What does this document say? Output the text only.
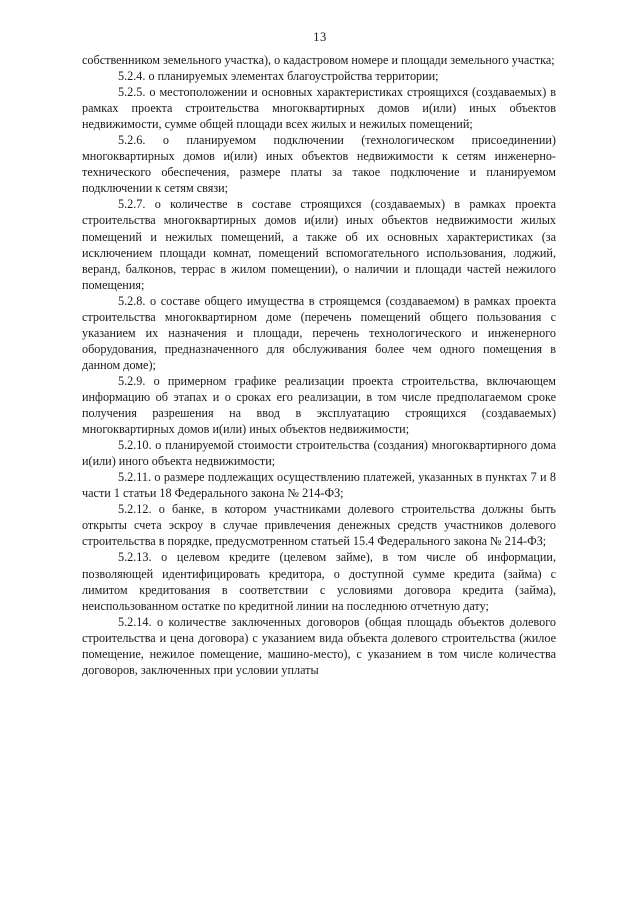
13

собственником земельного участка), о кадастровом номере и площади земельного участка;

5.2.4. о планируемых элементах благоустройства территории;

5.2.5. о местоположении и основных характеристиках строящихся (создаваемых) в рамках проекта строительства многоквартирных домов и(или) иных объектов недвижимости, сумме общей площади всех жилых и нежилых помещений;

5.2.6. о планируемом подключении (технологическом присоединении) многоквартирных домов и(или) иных объектов недвижимости к сетям инженерно-технического обеспечения, размере платы за такое подключение и планируемом подключении к сетям связи;

5.2.7. о количестве в составе строящихся (создаваемых) в рамках проекта строительства многоквартирных домов и(или) иных объектов недвижимости жилых помещений и нежилых помещений, а также об их основных характеристиках (за исключением площади комнат, помещений вспомогательного использования, лоджий, веранд, балконов, террас в жилом помещении), о наличии и площади частей нежилого помещения;

5.2.8. о составе общего имущества в строящемся (создаваемом) в рамках проекта строительства многоквартирном доме (перечень помещений общего пользования с указанием их назначения и площади, перечень технологического и инженерного оборудования, предназначенного для обслуживания более чем одного помещения в данном доме);

5.2.9. о примерном графике реализации проекта строительства, включающем информацию об этапах и о сроках его реализации, в том числе предполагаемом сроке получения разрешения на ввод в эксплуатацию строящихся (создаваемых) многоквартирных домов и(или) иных объектов недвижимости;

5.2.10. о планируемой стоимости строительства (создания) многоквартирного дома и(или) иного объекта недвижимости;

5.2.11. о размере подлежащих осуществлению платежей, указанных в пунктах 7 и 8 части 1 статьи 18 Федерального закона № 214-ФЗ;

5.2.12. о банке, в котором участниками долевого строительства должны быть открыты счета эскроу в случае привлечения денежных средств участников долевого строительства в порядке, предусмотренном статьей 15.4 Федерального закона № 214-ФЗ;

5.2.13. о целевом кредите (целевом займе), в том числе об информации, позволяющей идентифицировать кредитора, о доступной сумме кредита (займа) с лимитом кредитования в соответствии с условиями договора кредита (займа), неиспользованном остатке по кредитной линии на последнюю отчетную дату;

5.2.14. о количестве заключенных договоров (общая площадь объектов долевого строительства и цена договора) с указанием вида объекта долевого строительства (жилое помещение, нежилое помещение, машино-место), с указанием в том числе количества договоров, заключенных при условии уплаты
